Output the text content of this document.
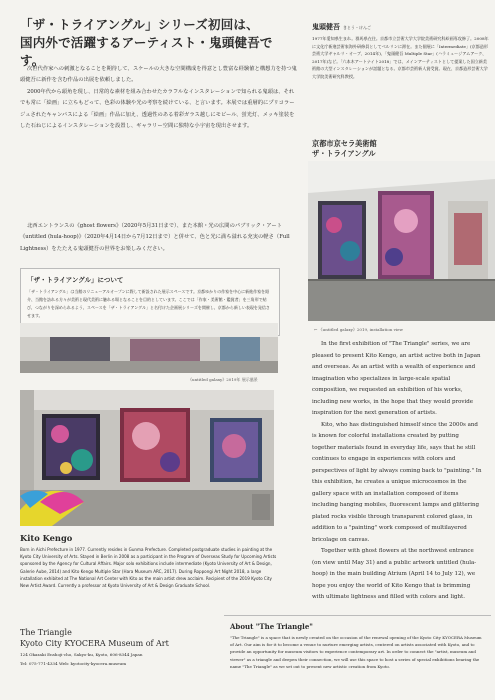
「ザ・トライアングル」シリーズ初回は、
国内外で活躍するアーティスト・鬼頭健吾です。

次世代作家への刺激となることを期待して、スケールの大きな空間構成を得意とし豊富な経験値と構想力を持つ鬼頭健吾に新作を含む作品の出展を依頼しました。

2000年代から頭角を現し、日常的な素材を組み合わせたカラフルなインスタレーションで知られる鬼頭は、それでも常に「絵画」に立ちもどって、色彩の体験や光の考察を続けている、と言います。本展では重層的にプリコラージュされたキャンバスによる「絵画」作品に加え、透過性のある着彩ガラス越しにモビール、蛍光灯、メッキ塗装をした石ねじによるインスタレーションを設置し、ギャラリー空間に独特な小宇宙を現出させます。

北西エントランスの《ghost flowers》（2020年5月31日まで）、また本館・光の広間のパブリック・アート《untitled (hula-hoop)》（2020年4月14日から7月12日まで）と併せて、色と光に満ち溢れる充実の軽さ（Full Lightness）をたたえる鬼頭健吾の世界をお楽しみください。

鬼頭健吾 きとう・けんご
1977年愛知県生まれ。群馬県在住。京都市立芸術大学大学院美術研究科絵画専攻修了。2008年に文化庁新進芸術家海外研修員としてベルリンに滞在。また個展に「Intermediate」(京都造形芸術大学ギャルリ・オーブ、2014年)、「鬼頭健吾 Multiple Star」(ハラミュージアムアーク、2017年)など。「六本木アートナイト2018」では、メインアーティストとして提案した国立新美術館の大型インスタレーションが話題となる。京都市芸術新人賞受賞。現在、京都造形芸術大学大学院美術研究科教授。
京都市京セラ美術館
ザ・トライアングル
「ザ・トライアングル」について
「ザ・トライアングル」は当館のリニューアルオープンに際して新設された展示スペースです。京都ゆかりの作家を中心に新進作家を紹介、当館を訪れる方々が美術と現代美術に触れる場となることを目的としています。ここでは「作家・美術館・鑑賞者」を三角形で結び、つながりを深められるよう、スペースを「ザ・トライアングル」と名付けた企画展シリーズを開催し、京都から新しい表現を発信させます。
《untitled galaxy》2019年 展示風景
← 《untitled galaxy》2019, installation view

In the first exhibition of "The Triangle" series, we are pleased to present Kito Kengo, an artist active both in Japan and overseas. As an artist with a wealth of experience and imagination who specializes in large-scale spatial composition, we requested an exhibition of his works, including new works, in the hope that they would provide inspiration for the next generation of artists.

Kito, who has distinguished himself since the 2000s and is known for colorful installations created by putting together materials found in everyday life, says that he still continues to engage in experiences with colors and perspectives of light by always coming back to "painting." In this exhibition, he creates a unique microcosmos in the gallery space with an installation composed of items including hanging mobiles, fluorescent lamps and glittering plated rocks visible through transparent colored glass, in addition to a "painting" work composed of multilayered bricolage on canvas.

Together with ghost flowers at the northwest entrance (on view until May 31) and a public artwork untitled (hula-hoop) in the main building Atrium (April 14 to July 12), we hope you enjoy the world of Kito Kengo that is brimming with ultimate lightness and filled with colors and light.

Kito Kengo
Born in Aichi Prefecture in 1977. Currently resides in Gunma Prefecture. Completed postgraduate studies in painting at the Kyoto City University of Arts. Stayed in Berlin in 2008 as a participant in the Program of Overseas Study for Upcoming Artists sponsored by the Agency for Cultural Affairs. Major solo exhibitions include intermediate (Kyoto University of Art & Design, Galerie Aube, 2014) and Kito Kengo Multiple Star (Hara Museum ARC, 2017). During Roppongi Art Night 2018, a large installation exhibited at The National Art Center with Kito as the main artist drew acclaim. Recipient of the 2019 Kyoto City New Artist Award. Currently a professor at Kyoto University of Art & Design Graduate School.
The Triangle
Kyoto City KYOCERA Museum of Art
124 Okazaki Enshoji-cho, Sakyo-ku, Kyoto, 606-8344 Japan
Tel: 075-771-4334 Web: kyotocity-kyocera.museum
About "The Triangle"
"The Triangle" is a space that is newly created on the occasion of the renewal opening of the Kyoto City KYOCERA Museum of Art. Our aim is for it to become a venue to nurture emerging artists, centered on artists associated with Kyoto, and to provide an opportunity for museum visitors to experience contemporary art. In order to connect the "artist, museum and viewer" as a triangle and deepen their connection, we will use this space to host a series of special exhibitions bearing the name "The Triangle" as we set out to present new artistic creation from Kyoto.
